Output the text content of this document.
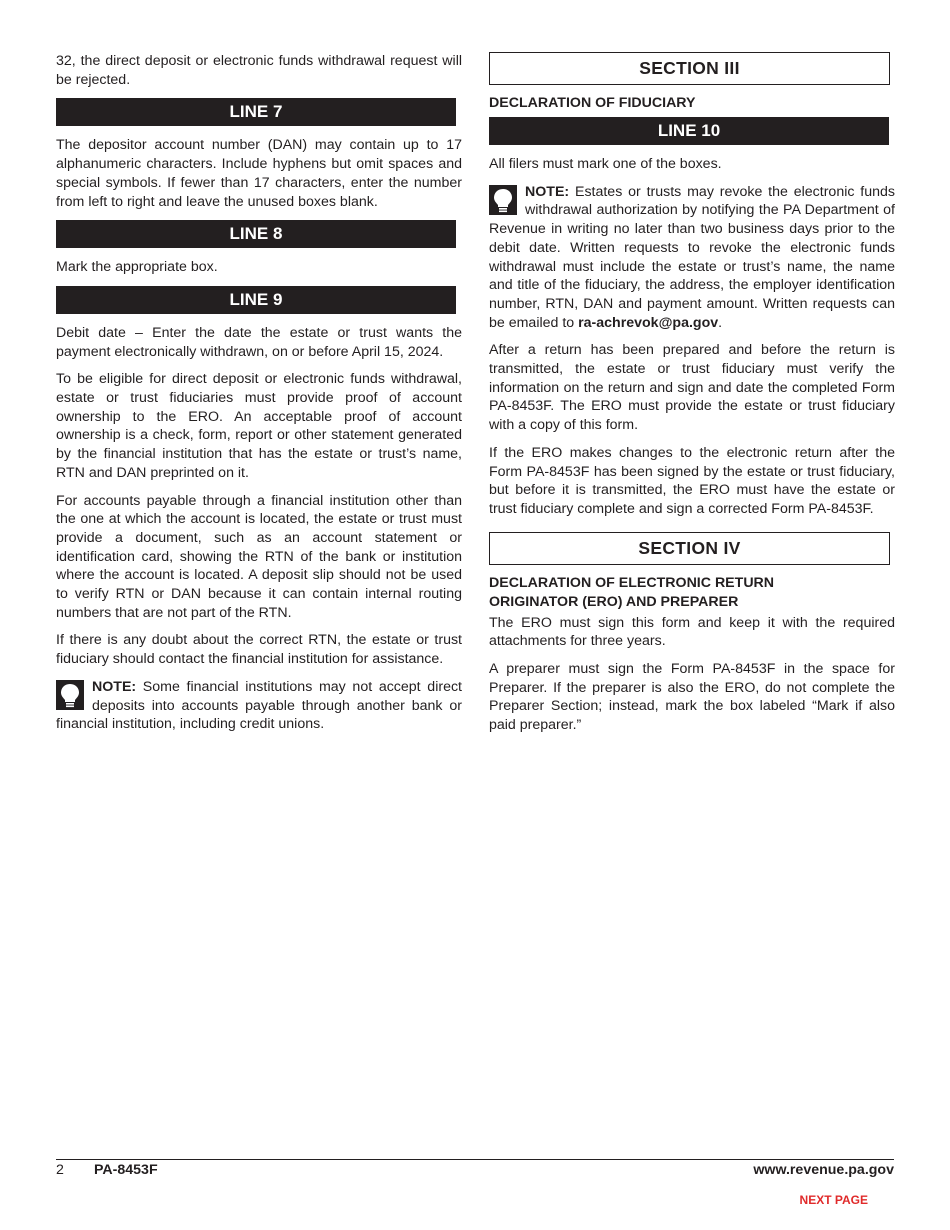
32, the direct deposit or electronic funds withdrawal request will be rejected.

LINE 7

The depositor account number (DAN) may contain up to 17 alphanumeric characters. Include hyphens but omit spaces and special symbols. If fewer than 17 characters, enter the number from left to right and leave the unused boxes blank.

LINE 8

Mark the appropriate box.

LINE 9

Debit date – Enter the date the estate or trust wants the payment electronically withdrawn, on or before April 15, 2024.

To be eligible for direct deposit or electronic funds withdrawal, estate or trust fiduciaries must provide proof of account ownership to the ERO. An acceptable proof of account ownership is a check, form, report or other statement generated by the financial institution that has the estate or trust’s name, RTN and DAN preprinted on it.

For accounts payable through a financial institution other than the one at which the account is located, the estate or trust must provide a document, such as an account statement or identification card, showing the RTN of the bank or institution where the account is located. A deposit slip should not be used to verify RTN or DAN because it can contain internal routing numbers that are not part of the RTN.

If there is any doubt about the correct RTN, the estate or trust fiduciary should contact the financial institution for assistance.

NOTE: Some financial institutions may not accept direct deposits into accounts payable through another bank or financial institution, including credit unions.

SECTION III
DECLARATION OF FIDUCIARY
LINE 10

All filers must mark one of the boxes.

NOTE: Estates or trusts may revoke the electronic funds withdrawal authorization by notifying the PA Department of Revenue in writing no later than two business days prior to the debit date. Written requests to revoke the electronic funds withdrawal must include the estate or trust’s name, the name and title of the fiduciary, the address, the employer identification number, RTN, DAN and payment amount. Written requests can be emailed to ra-achrevok@pa.gov.

After a return has been prepared and before the return is transmitted, the estate or trust fiduciary must verify the information on the return and sign and date the completed Form PA-8453F. The ERO must provide the estate or trust fiduciary with a copy of this form.

If the ERO makes changes to the electronic return after the Form PA-8453F has been signed by the estate or trust fiduciary, but before it is transmitted, the ERO must have the estate or trust fiduciary complete and sign a corrected Form PA-8453F.

SECTION IV
DECLARATION OF ELECTRONIC RETURN
ORIGINATOR (ERO) AND PREPARER

The ERO must sign this form and keep it with the required attachments for three years.

A preparer must sign the Form PA-8453F in the space for Preparer. If the preparer is also the ERO, do not complete the Preparer Section; instead, mark the box labeled “Mark if also paid preparer.”

2 PA-8453F	www.revenue.pa.gov
NEXT PAGE
